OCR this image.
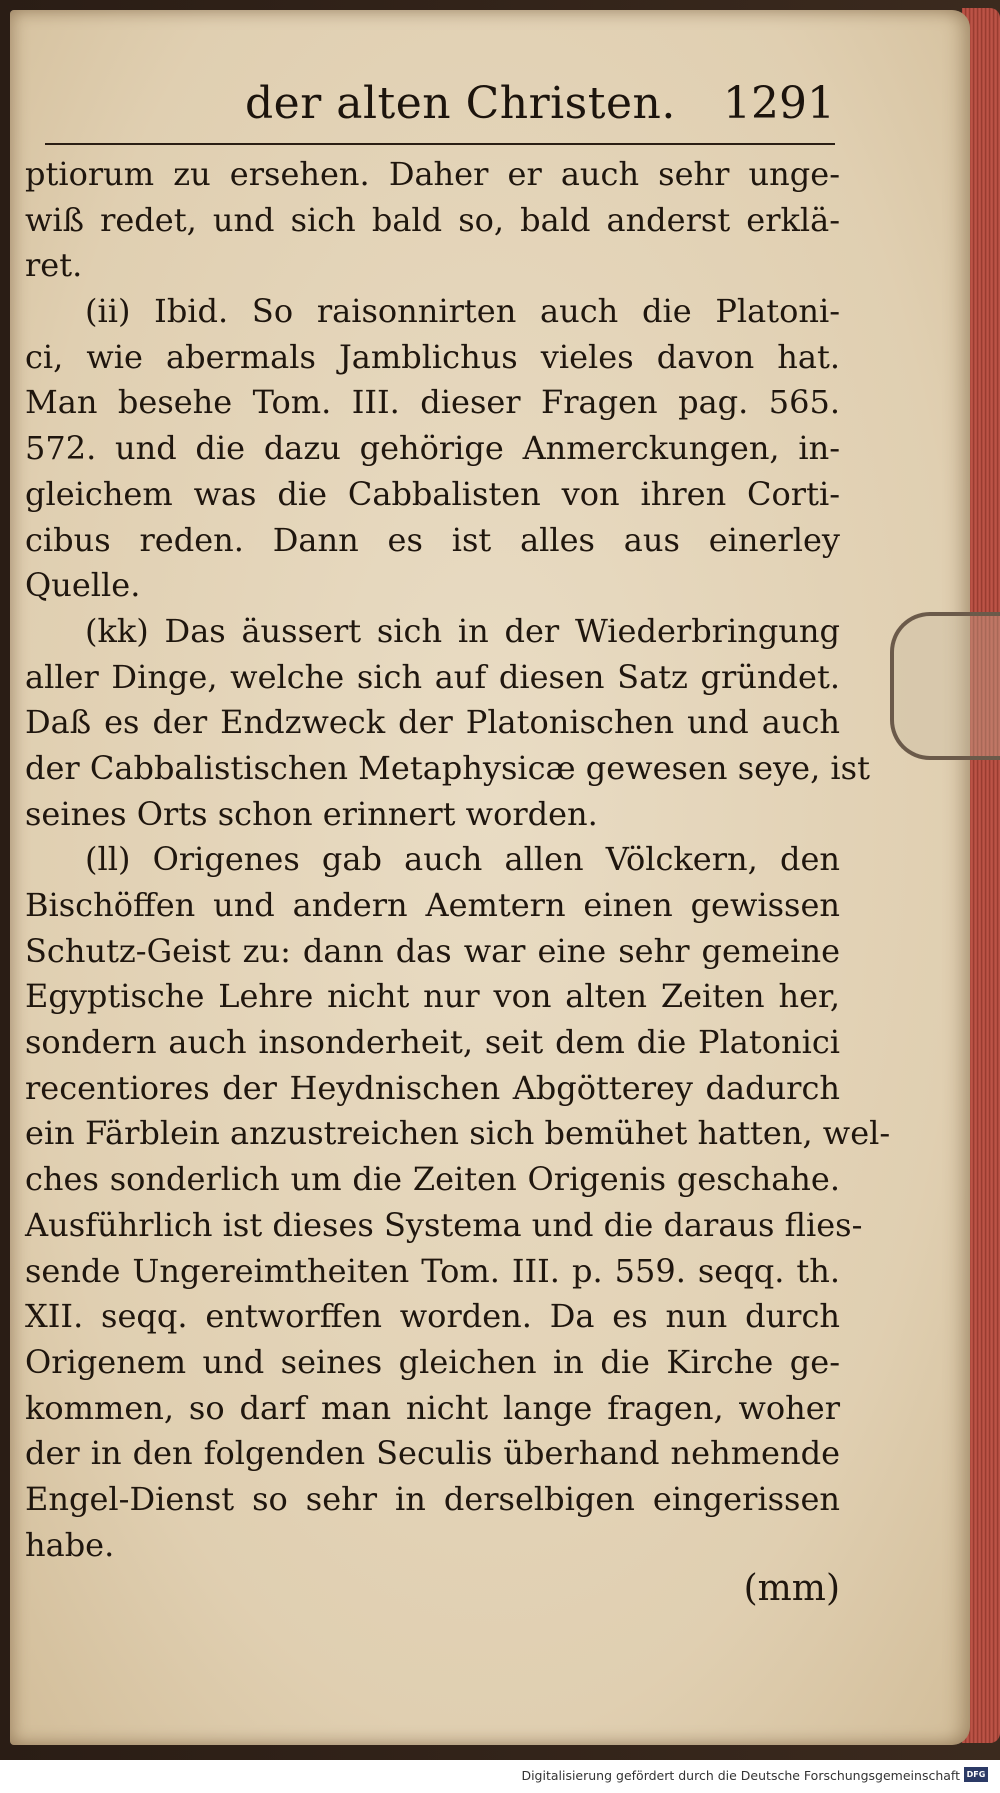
der alten Christen. 1291
ptiorum zu ersehen. Daher er auch sehr unge-
wiß redet, und sich bald so, bald anderst erklä-
ret.
(ii) Ibid. So raisonnirten auch die Platoni-
ci, wie abermals Jamblichus vieles davon hat.
Man besehe Tom. III. dieser Fragen pag. 565.
572. und die dazu gehörige Anmerckungen, in-
gleichem was die Cabbalisten von ihren Corti-
cibus reden. Dann es ist alles aus einerley
Quelle.
(kk) Das äussert sich in der Wiederbringung
aller Dinge, welche sich auf diesen Satz gründet.
Daß es der Endzweck der Platonischen und auch
der Cabbalistischen Metaphysicæ gewesen seye, ist
seines Orts schon erinnert worden.
(ll) Origenes gab auch allen Völckern, den
Bischöffen und andern Aemtern einen gewissen
Schutz-Geist zu: dann das war eine sehr gemeine
Egyptische Lehre nicht nur von alten Zeiten her,
sondern auch insonderheit, seit dem die Platonici
recentiores der Heydnischen Abgötterey dadurch
ein Färblein anzustreichen sich bemühet hatten, wel-
ches sonderlich um die Zeiten Origenis geschahe.
Ausführlich ist dieses Systema und die daraus flies-
sende Ungereimtheiten Tom. III. p. 559. seqq. th.
XII. seqq. entworffen worden. Da es nun durch
Origenem und seines gleichen in die Kirche ge-
kommen, so darf man nicht lange fragen, woher
der in den folgenden Seculis überhand nehmende
Engel-Dienst so sehr in derselbigen eingerissen
habe.
(mm)
Digitalisierung gefördert durch die Deutsche Forschungsgemeinschaft DFG
